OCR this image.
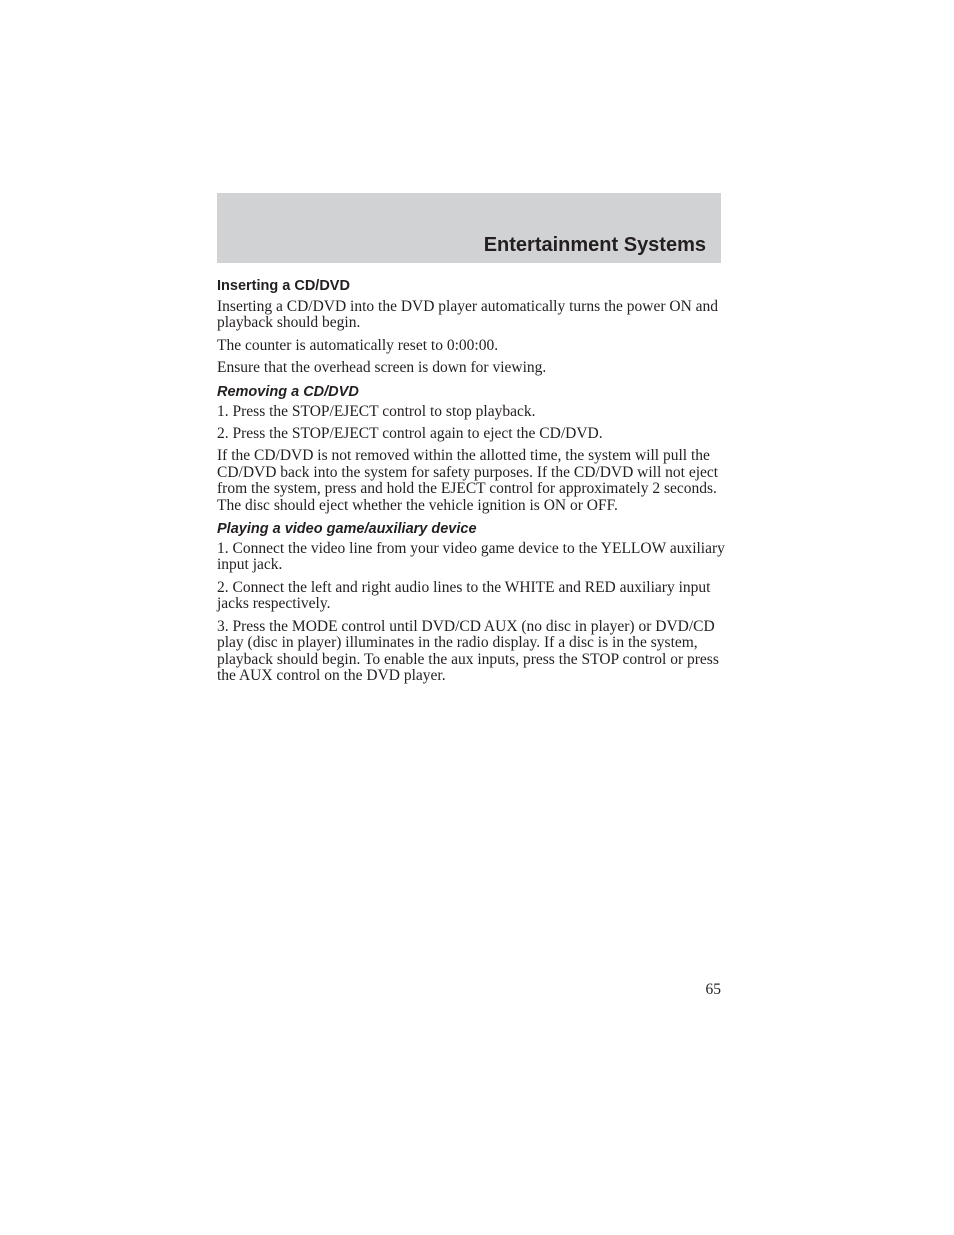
Entertainment Systems
Inserting a CD/DVD

Inserting a CD/DVD into the DVD player automatically turns the power ON and playback should begin.

The counter is automatically reset to 0:00:00.

Ensure that the overhead screen is down for viewing.

Removing a CD/DVD

1. Press the STOP/EJECT control to stop playback.

2. Press the STOP/EJECT control again to eject the CD/DVD.

If the CD/DVD is not removed within the allotted time, the system will pull the CD/DVD back into the system for safety purposes. If the CD/DVD will not eject from the system, press and hold the EJECT control for approximately 2 seconds. The disc should eject whether the vehicle ignition is ON or OFF.

Playing a video game/auxiliary device

1. Connect the video line from your video game device to the YELLOW auxiliary input jack.

2. Connect the left and right audio lines to the WHITE and RED auxiliary input jacks respectively.

3. Press the MODE control until DVD/CD AUX (no disc in player) or DVD/CD play (disc in player) illuminates in the radio display. If a disc is in the system, playback should begin. To enable the aux inputs, press the STOP control or press the AUX control on the DVD player.

65
